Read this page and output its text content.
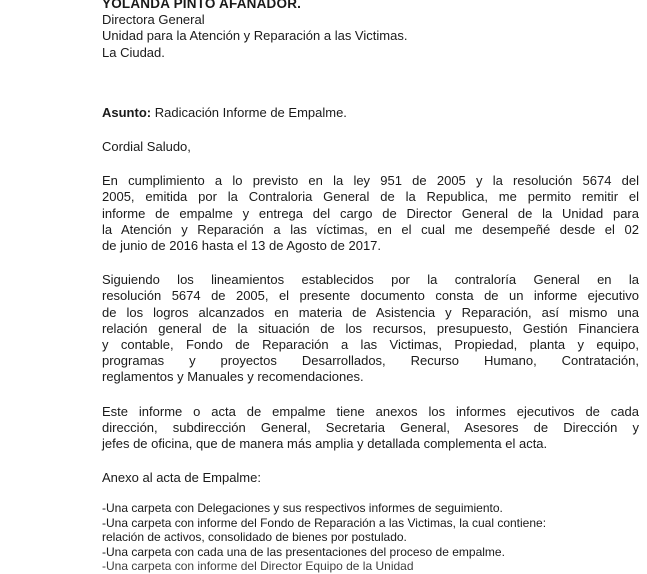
YOLANDA PINTO AFANADOR.
Directora General
Unidad para la Atención y Reparación a las Victimas.
La Ciudad.
Asunto: Radicación Informe de Empalme.
Cordial Saludo,
En cumplimiento a lo previsto en la ley 951 de 2005 y la resolución 5674 del
2005, emitida por la Contraloria General de la Republica, me permito remitir el
informe de empalme y entrega del cargo de Director General de la Unidad para
la Atención y Reparación a las víctimas, en el cual me desempeñé desde el 02
de junio de 2016 hasta el 13 de Agosto de 2017.
Siguiendo los lineamientos establecidos por la contraloría General en la
resolución 5674 de 2005, el presente documento consta de un informe ejecutivo
de los logros alcanzados en materia de Asistencia y Reparación, así mismo una
relación general de la situación de los recursos, presupuesto, Gestión Financiera
y contable, Fondo de Reparación a las Victimas, Propiedad, planta y equipo,
programas y proyectos Desarrollados, Recurso Humano, Contratación,
reglamentos y Manuales y recomendaciones.
Este informe o acta de empalme tiene anexos los informes ejecutivos de cada
dirección, subdirección General, Secretaria General, Asesores de Dirección y
jefes de oficina, que de manera más amplia y detallada complementa el acta.
Anexo al acta de Empalme:
-Una carpeta con Delegaciones y sus respectivos informes de seguimiento.
-Una carpeta con informe del Fondo de Reparación a las Victimas, la cual contiene:
relación de activos, consolidado de bienes por postulado.
-Una carpeta con cada una de las presentaciones del proceso de empalme.
-Una carpeta con informe del Director Equipo de la Unidad
